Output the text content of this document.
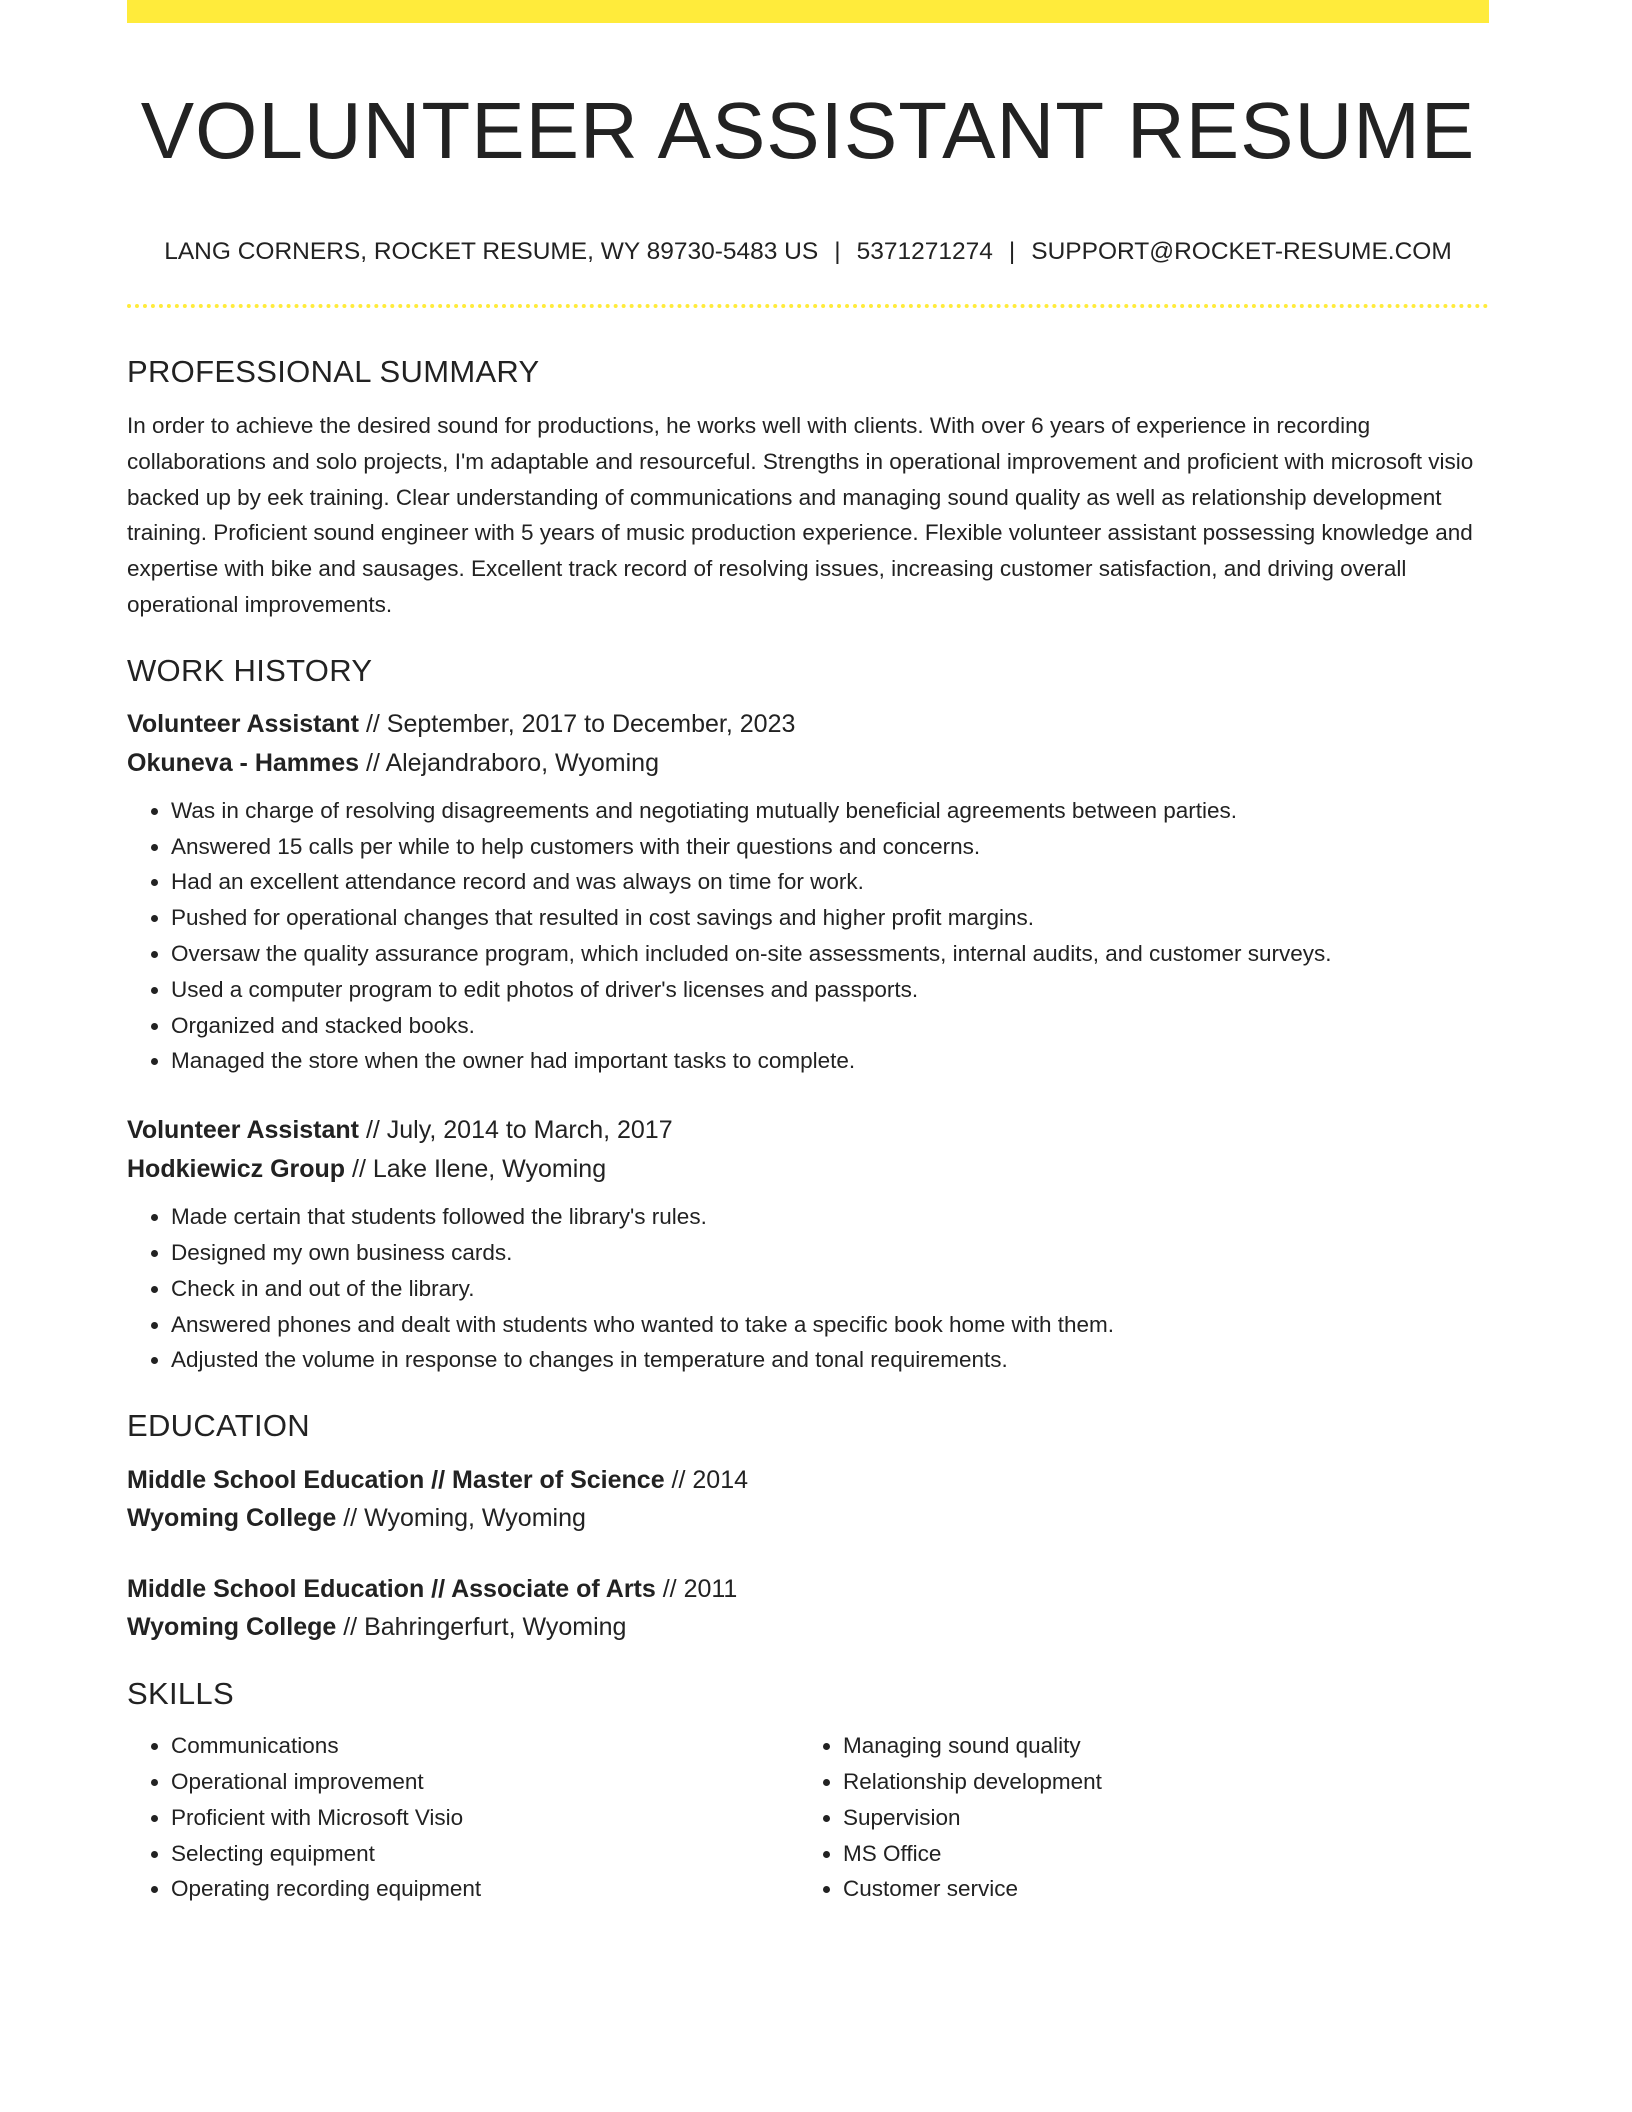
VOLUNTEER ASSISTANT RESUME
LANG CORNERS, ROCKET RESUME, WY 89730-5483 US | 5371271274 | SUPPORT@ROCKET-RESUME.COM
PROFESSIONAL SUMMARY

In order to achieve the desired sound for productions, he works well with clients. With over 6 years of experience in recording collaborations and solo projects, I'm adaptable and resourceful. Strengths in operational improvement and proficient with microsoft visio backed up by eek training. Clear understanding of communications and managing sound quality as well as relationship development training. Proficient sound engineer with 5 years of music production experience. Flexible volunteer assistant possessing knowledge and expertise with bike and sausages. Excellent track record of resolving issues, increasing customer satisfaction, and driving overall operational improvements.

WORK HISTORY
Volunteer Assistant // September, 2017 to December, 2023
Okuneva - Hammes // Alejandraboro, Wyoming
• Was in charge of resolving disagreements and negotiating mutually beneficial agreements between parties.
• Answered 15 calls per while to help customers with their questions and concerns.
• Had an excellent attendance record and was always on time for work.
• Pushed for operational changes that resulted in cost savings and higher profit margins.
• Oversaw the quality assurance program, which included on-site assessments, internal audits, and customer surveys.
• Used a computer program to edit photos of driver's licenses and passports.
• Organized and stacked books.
• Managed the store when the owner had important tasks to complete.
Volunteer Assistant // July, 2014 to March, 2017
Hodkiewicz Group // Lake Ilene, Wyoming
• Made certain that students followed the library's rules.
• Designed my own business cards.
• Check in and out of the library.
• Answered phones and dealt with students who wanted to take a specific book home with them.
• Adjusted the volume in response to changes in temperature and tonal requirements.
EDUCATION
Middle School Education // Master of Science // 2014
Wyoming College // Wyoming, Wyoming
Middle School Education // Associate of Arts // 2011
Wyoming College // Bahringerfurt, Wyoming
SKILLS
• Communications
• Operational improvement
• Proficient with Microsoft Visio
• Selecting equipment
• Operating recording equipment
• Managing sound quality
• Relationship development
• Supervision
• MS Office
• Customer service
